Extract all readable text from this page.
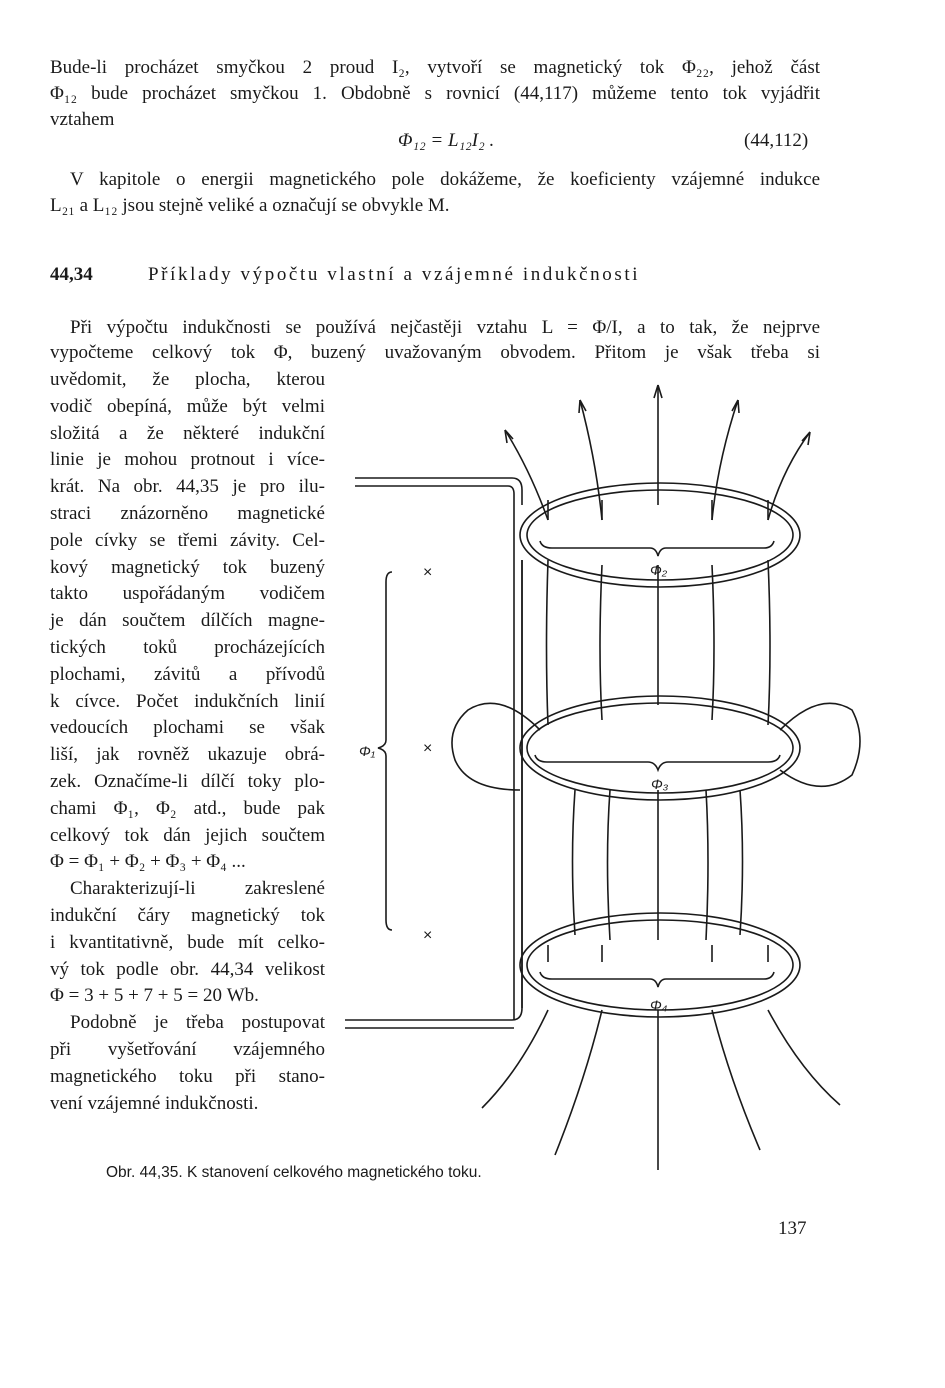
Bude-li procházet smyčkou 2 proud I₂, vytvoří se magnetický tok Φ₂₂, jehož část
Φ₁₂ bude procházet smyčkou 1. Obdobně s rovnicí (44,117) můžeme tento tok vyjádřit
vztahem
Φ₁₂ = L₁₂I₂ .	(44,112)
V kapitole o energii magnetického pole dokážeme, že koeficienty vzájemné indukce
L₂₁ a L₁₂ jsou stejně veliké a označují se obvykle M.
44,34	Příklady výpočtu vlastní a vzájemné indukčnosti
Při výpočtu indukčnosti se používá nejčastěji vztahu L = Φ/I, a to tak, že nejprve
vypočteme celkový tok Φ, buzený uvažovaným obvodem. Přitom je však třeba si
uvědomit, že plocha, kterou
vodič obepíná, může být velmi
složitá a že některé indukční
linie je mohou protnout i více-
krát. Na obr. 44,35 je pro ilu-
straci znázorněno magnetické
pole cívky se třemi závity. Cel-
kový magnetický tok buzený
takto uspořádaným vodičem
je dán součtem dílčích magne-
tických toků procházejících
plochami, závitů a přívodů
k cívce. Počet indukčních linií
vedoucích plochami se však
liší, jak rovněž ukazuje obrá-
zek. Označíme-li dílčí toky plo-
chami Φ₁, Φ₂ atd., bude pak
celkový tok dán jejich součtem
Φ = Φ₁ + Φ₂ + Φ₃ + Φ₄ ...
Charakterizují-li zakreslené
indukční čáry magnetický tok
i kvantitativně, bude mít celko-
vý tok podle obr. 44,34 velikost
Φ = 3 + 5 + 7 + 5 = 20 Wb.
Podobně je třeba postupovat
při vyšetřování vzájemného
magnetického toku při stano-
vení vzájemné indukčnosti.
×
×
×
Φ₂
Φ₃
Φ₄
Φ₁
Obr. 44,35. K stanovení celkového magnetického toku.
137
